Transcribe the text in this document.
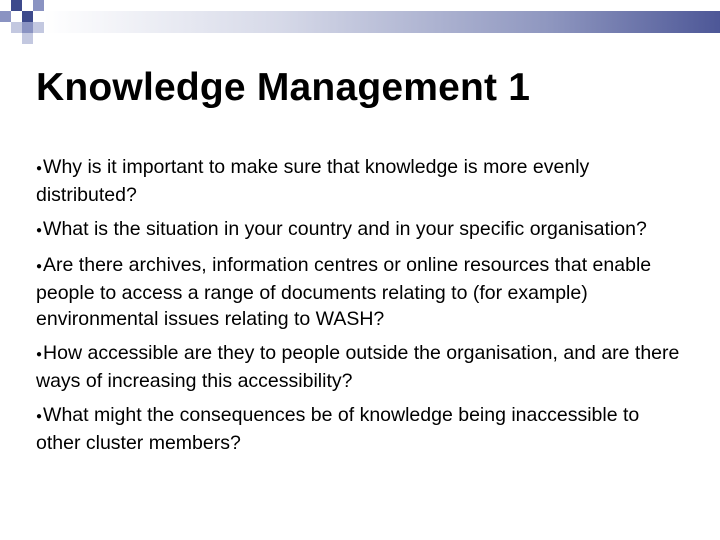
Knowledge Management 1
●Why is it important to make sure that knowledge is more evenly distributed?
●What is the situation in your country and in your specific organisation?
●Are there archives, information centres or online resources that enable people to access a range of documents relating to (for example) environmental issues relating to WASH?
●How accessible are they to people outside the organisation, and are there ways of increasing this accessibility?
●What might the consequences be of knowledge being inaccessible to other cluster members?
